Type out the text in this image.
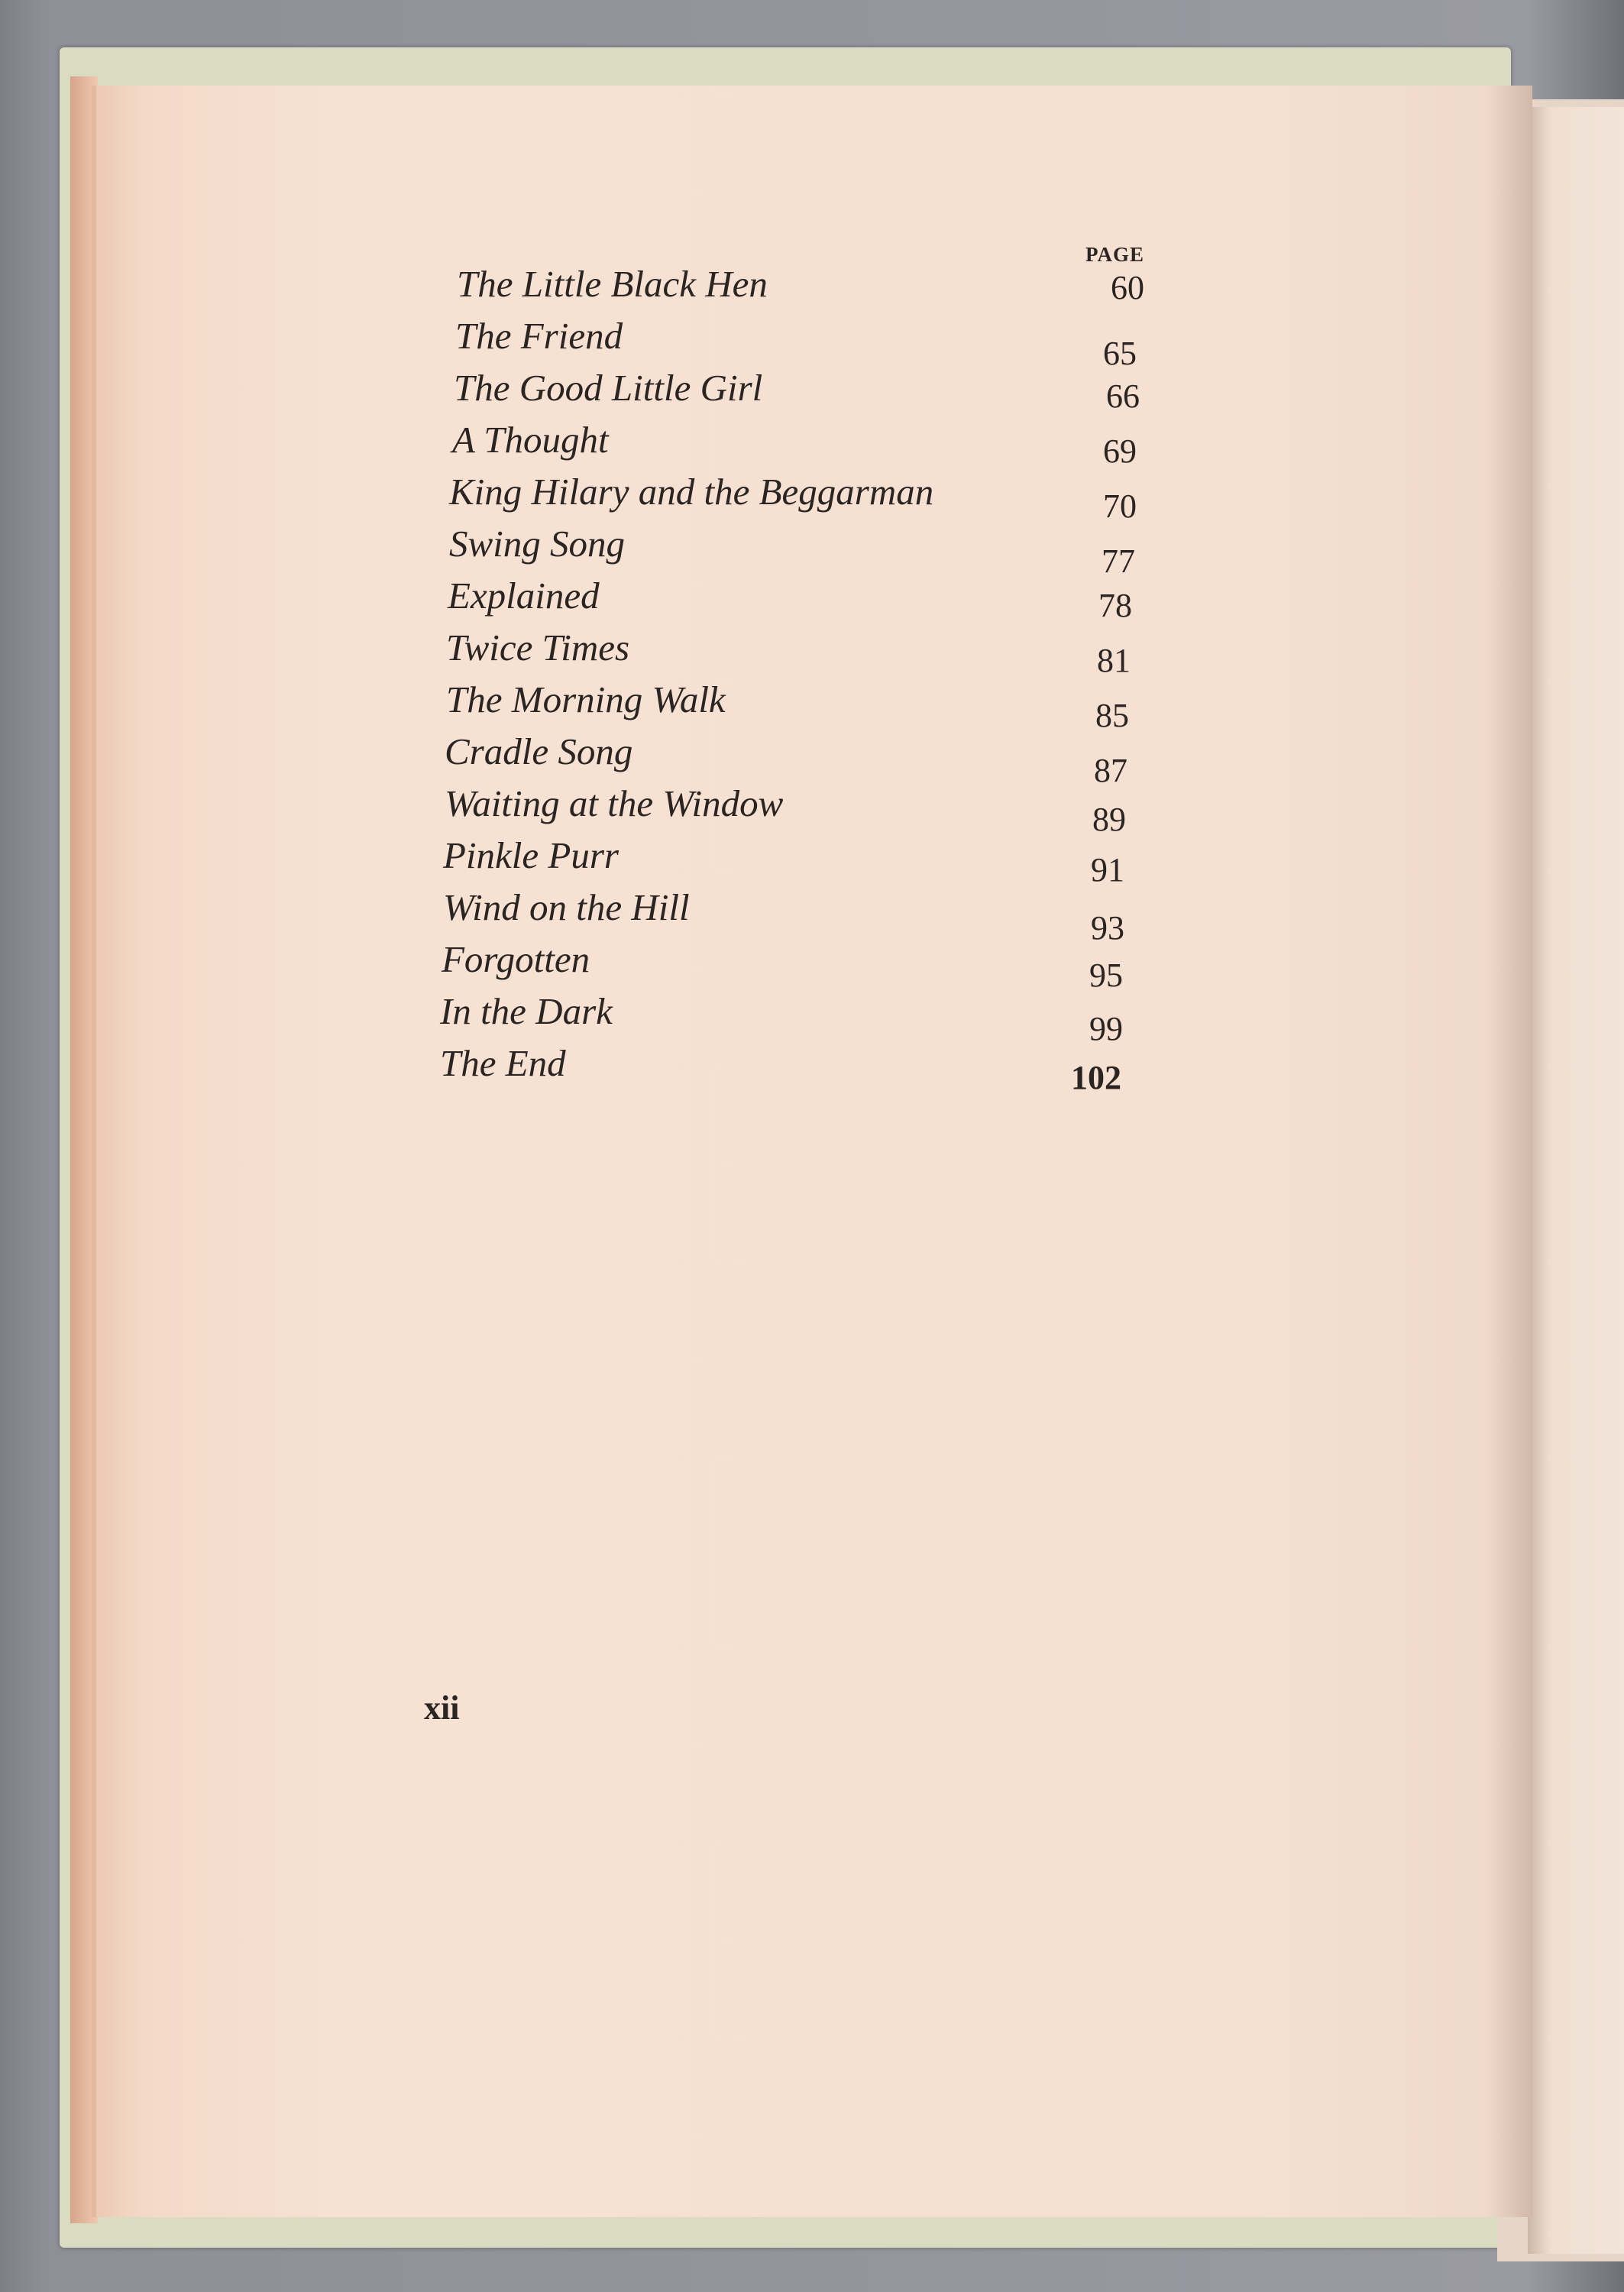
PAGE
The Little Black Hen	60
The Friend	65
The Good Little Girl	66
A Thought	69
King Hilary and the Beggarman	70
Swing Song	77
Explained	78
Twice Times	81
The Morning Walk	85
Cradle Song	87
Waiting at the Window	89
Pinkle Purr	91
Wind on the Hill	93
Forgotten	95
In the Dark	99
The End	102
xii
